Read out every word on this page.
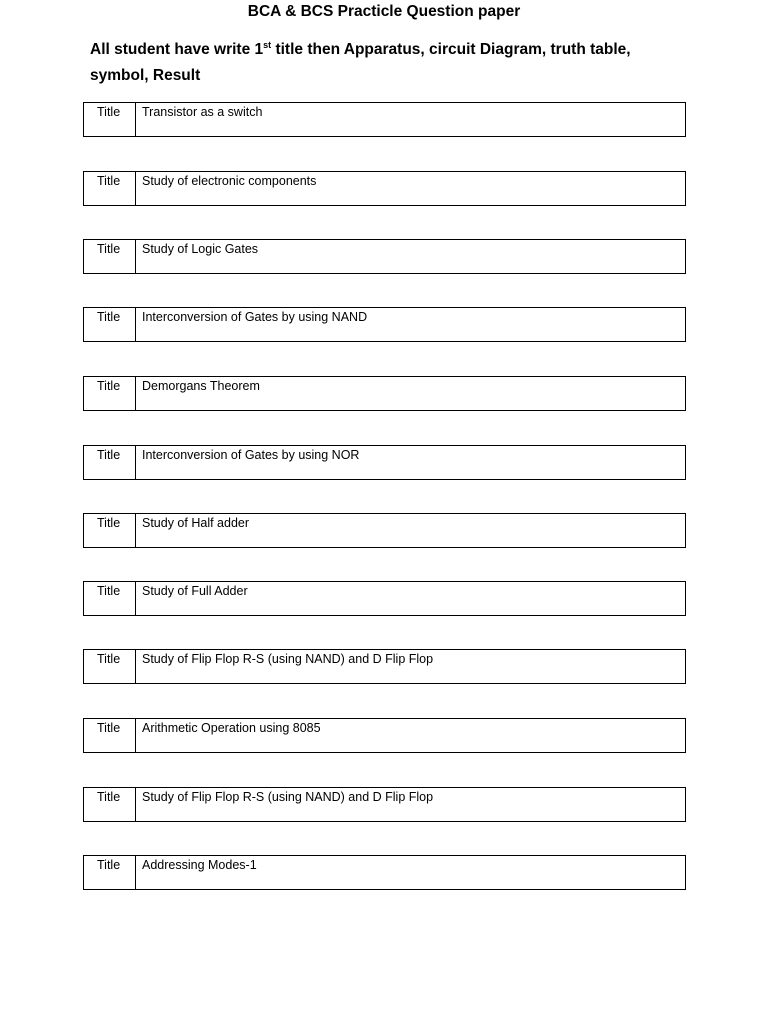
BCA & BCS Practicle Question paper
All student have write 1st title then Apparatus, circuit Diagram, truth table, symbol, Result
Title	Transistor as a switch
Title	Study of electronic components
Title	Study of Logic Gates
Title	Interconversion of Gates by using NAND
Title	Demorgans Theorem
Title	Interconversion of Gates by using NOR
Title	Study of Half adder
Title	Study of Full Adder
Title	Study of Flip Flop R-S (using NAND) and D Flip Flop
Title	Arithmetic Operation using 8085
Title	Study of Flip Flop R-S (using NAND) and D Flip Flop
Title	Addressing Modes-1
